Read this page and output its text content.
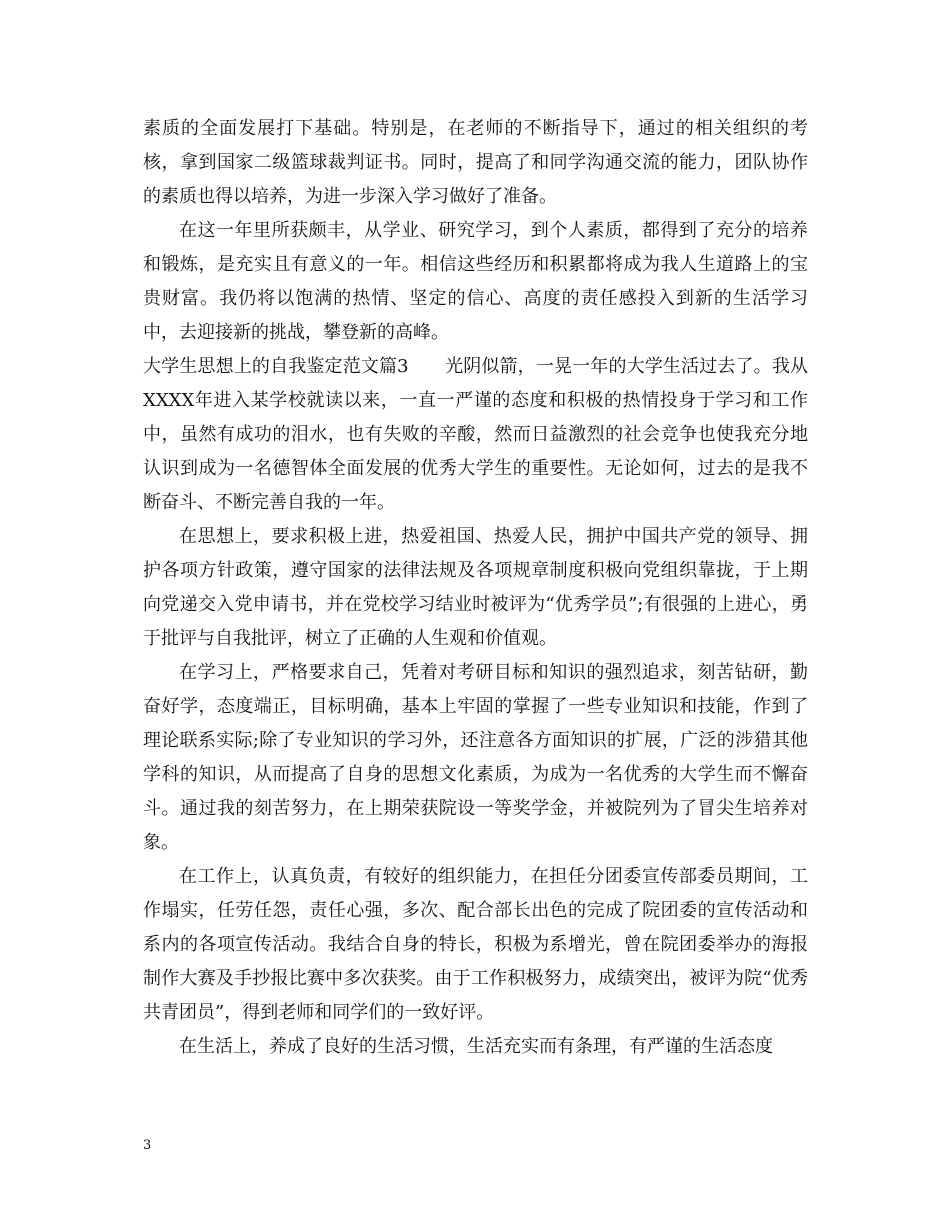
素质的全面发展打下基础。特别是，在老师的不断指导下，通过的相关组织的考核，拿到国家二级篮球裁判证书。同时，提高了和同学沟通交流的能力，团队协作的素质也得以培养，为进一步深入学习做好了准备。

在这一年里所获颇丰，从学业、研究学习，到个人素质，都得到了充分的培养和锻炼，是充实且有意义的一年。相信这些经历和积累都将成为我人生道路上的宝贵财富。我仍将以饱满的热情、坚定的信心、高度的责任感投入到新的生活学习中，去迎接新的挑战，攀登新的高峰。

大学生思想上的自我鉴定范文篇3　　光阴似箭，一晃一年的大学生活过去了。我从XXXX年进入某学校就读以来，一直一严谨的态度和积极的热情投身于学习和工作中，虽然有成功的泪水，也有失败的辛酸，然而日益激烈的社会竞争也使我充分地认识到成为一名德智体全面发展的优秀大学生的重要性。无论如何，过去的是我不断奋斗、不断完善自我的一年。

在思想上，要求积极上进，热爱祖国、热爱人民，拥护中国共产党的领导、拥护各项方针政策，遵守国家的法律法规及各项规章制度积极向党组织靠拢，于上期向党递交入党申请书，并在党校学习结业时被评为“优秀学员”;有很强的上进心，勇于批评与自我批评，树立了正确的人生观和价值观。

在学习上，严格要求自己，凭着对考研目标和知识的强烈追求，刻苦钻研，勤奋好学，态度端正，目标明确，基本上牢固的掌握了一些专业知识和技能，作到了理论联系实际;除了专业知识的学习外，还注意各方面知识的扩展，广泛的涉猎其他学科的知识，从而提高了自身的思想文化素质，为成为一名优秀的大学生而不懈奋斗。通过我的刻苦努力，在上期荣获院设一等奖学金，并被院列为了冒尖生培养对象。

在工作上，认真负责，有较好的组织能力，在担任分团委宣传部委员期间，工作塌实，任劳任怨，责任心强，多次、配合部长出色的完成了院团委的宣传活动和系内的各项宣传活动。我结合自身的特长，积极为系增光，曾在院团委举办的海报制作大赛及手抄报比赛中多次获奖。由于工作积极努力，成绩突出，被评为院“优秀共青团员”，得到老师和同学们的一致好评。

在生活上，养成了良好的生活习惯，生活充实而有条理，有严谨的生活态度

3
